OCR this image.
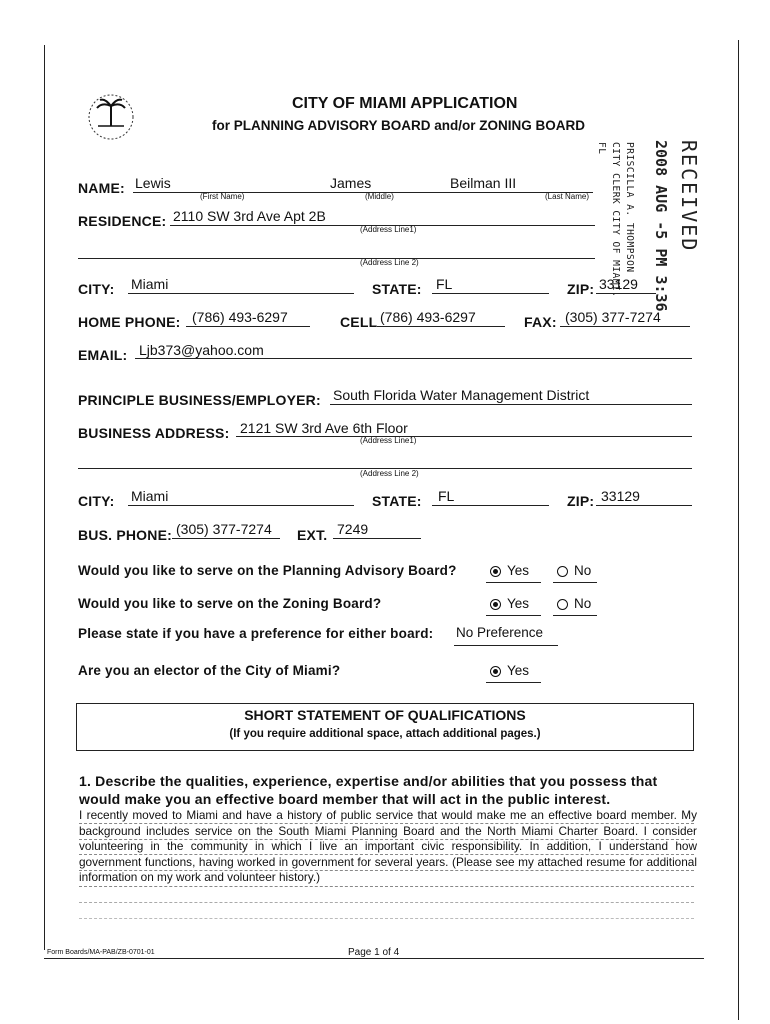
CITY OF MIAMI APPLICATION
for PLANNING ADVISORY BOARD and/or ZONING BOARD
RECEIVED
2008 AUG -5 PM 3:36
PRISCILLA A. THOMPSON CITY CLERK CITY OF MIAMI. FL
NAME: Lewis	James	Beilman III
(First Name)	(Middle)	(Last Name)
RESIDENCE: 2110 SW 3rd Ave Apt 2B
(Address Line1)
(Address Line 2)
CITY: Miami	STATE: FL	ZIP: 33129
HOME PHONE: (786) 493-6297	CELL (786) 493-6297	FAX: (305) 377-7274
EMAIL: Ljb373@yahoo.com
PRINCIPLE BUSINESS/EMPLOYER: South Florida Water Management District
BUSINESS ADDRESS: 2121 SW 3rd Ave 6th Floor
(Address Line1)
(Address Line 2)
CITY: Miami	STATE: FL	ZIP: 33129
BUS. PHONE: (305) 377-7274 EXT. 7249
Would you like to serve on the Planning Advisory Board?	Yes	No
Would you like to serve on the Zoning Board?	Yes	No
Please state if you have a preference for either board: No Preference
Are you an elector of the City of Miami?	Yes
SHORT STATEMENT OF QUALIFICATIONS
(If you require additional space, attach additional pages.)
1. Describe the qualities, experience, expertise and/or abilities that you possess that
would make you an effective board member that will act in the public interest.
I recently moved to Miami and have a history of public service that would make me an effective board member. My background includes service on the South Miami Planning Board and the North Miami Charter Board. I consider volunteering in the community in which I live an important civic responsibility. In addition, I understand how government functions, having worked in government for several years. (Please see my attached resume for additional information on my work and volunteer history.)
Form Boards/MA-PAB/ZB-0701-01	Page 1 of 4
